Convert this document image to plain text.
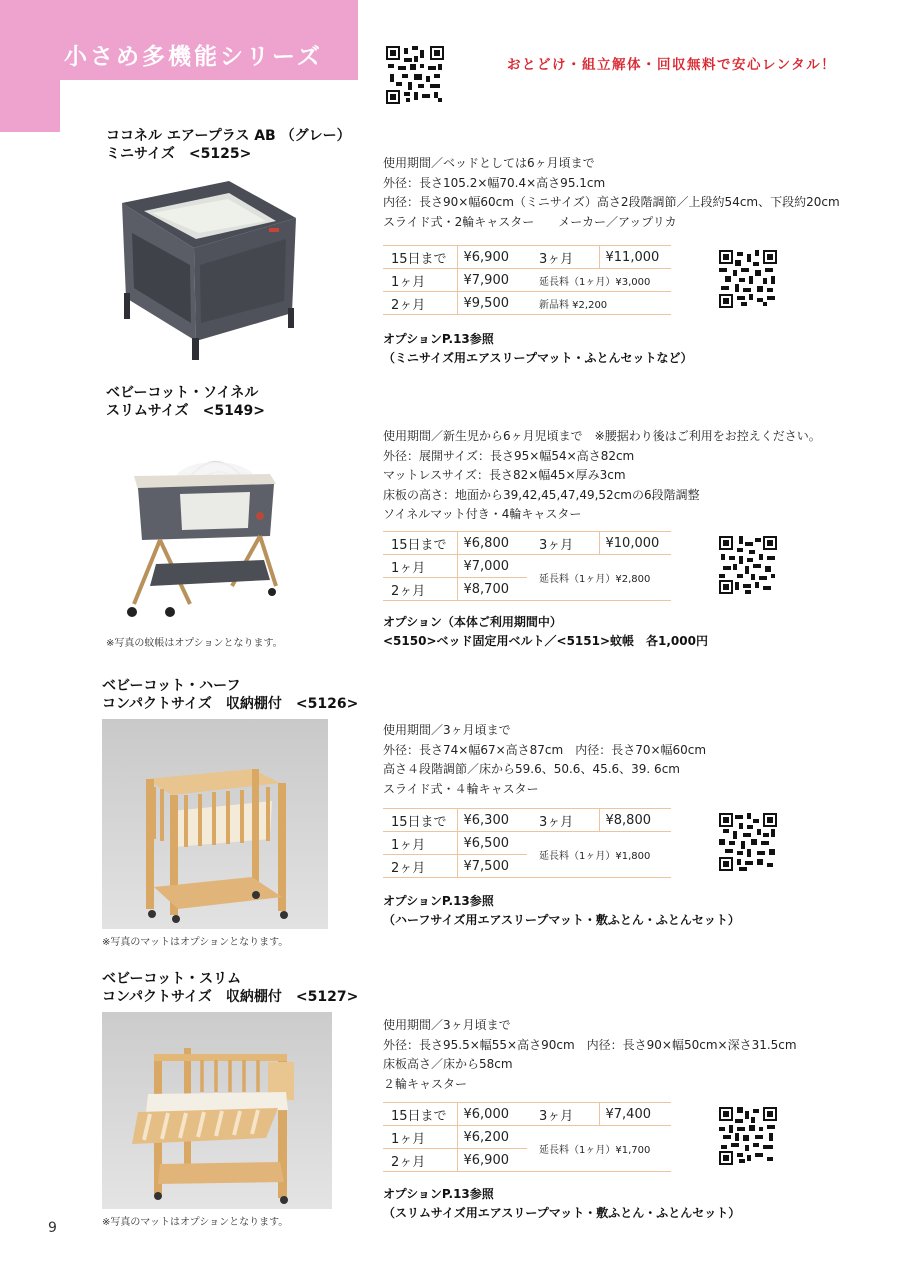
小さめ多機能シリーズ	おとどけ・組立解体・回収無料で安心レンタル！
ココネル エアープラス AB （グレー）
ミニサイズ　<5125>
使用期間／ベッドとしては6ヶ月頃まで
外径：長さ105.2×幅70.4×高さ95.1cm
内径：長さ90×幅60cm（ミニサイズ）高さ2段階調節／上段約54cm、下段約20cm
スライド式・2輪キャスター　　メーカー／アップリカ
15日まで	¥6,900	3ヶ月	¥11,000
1ヶ月	¥7,900	延長料（1ヶ月）¥3,000	
2ヶ月	¥9,500	新品料 ¥2,200	
オプションP.13参照
（ミニサイズ用エアスリープマット・ふとんセットなど）
ベビーコット・ソイネル
スリムサイズ　<5149>
※写真の蚊帳はオプションとなります。
使用期間／新生児から6ヶ月児頃まで　※腰据わり後はご利用をお控えください。
外径：展開サイズ：長さ95×幅54×高さ82cm
マットレスサイズ：長さ82×幅45×厚み3cm
床板の高さ：地面から39,42,45,47,49,52cmの6段階調整
ソイネルマット付き・4輪キャスター
15日まで	¥6,800	3ヶ月	¥10,000
1ヶ月	¥7,000	延長料（1ヶ月）¥2,800	
2ヶ月	¥8,700		
オプション（本体ご利用期間中）
<5150>ベッド固定用ベルト／<5151>蚊帳　各1,000円
ベビーコット・ハーフ
コンパクトサイズ　収納棚付　<5126>
※写真のマットはオプションとなります。
使用期間／3ヶ月頃まで
外径：長さ74×幅67×高さ87cm　内径：長さ70×幅60cm
高さ４段階調節／床から59.6、50.6、45.6、39. 6cm
スライド式・４輪キャスター
15日まで	¥6,300	3ヶ月	¥8,800
1ヶ月	¥6,500	延長料（1ヶ月）¥1,800	
2ヶ月	¥7,500		
オプションP.13参照
（ハーフサイズ用エアスリープマット・敷ふとん・ふとんセット）
ベビーコット・スリム
コンパクトサイズ　収納棚付　<5127>
※写真のマットはオプションとなります。
使用期間／3ヶ月頃まで
外径：長さ95.5×幅55×高さ90cm　内径：長さ90×幅50cm×深さ31.5cm
床板高さ／床から58cm
２輪キャスター
15日まで	¥6,000	3ヶ月	¥7,400
1ヶ月	¥6,200	延長料（1ヶ月）¥1,700	
2ヶ月	¥6,900		
オプションP.13参照
（スリムサイズ用エアスリープマット・敷ふとん・ふとんセット）
9
